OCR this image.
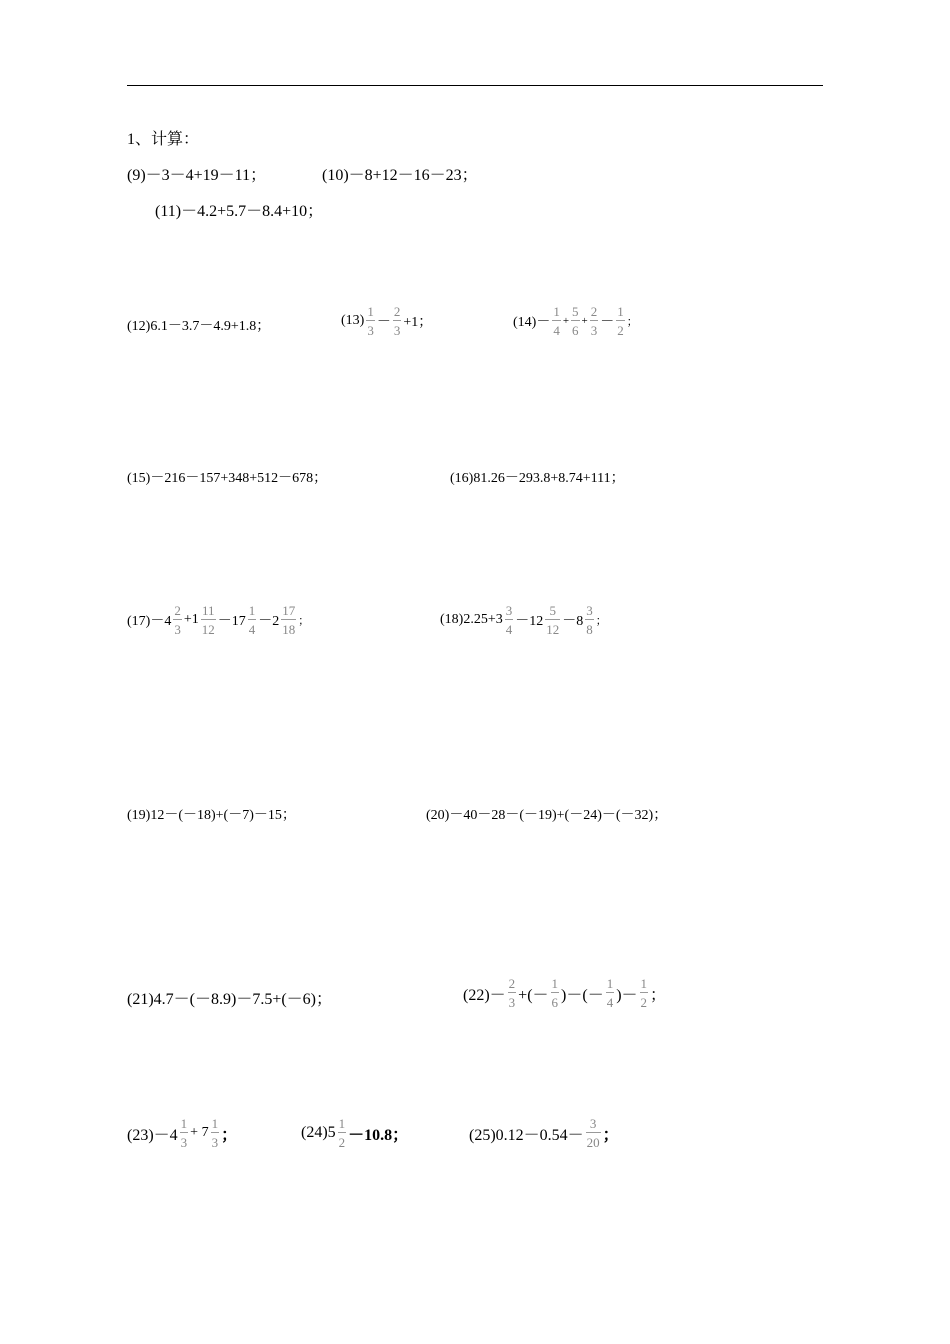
1、计算：
(9)－3－4+19－11；	(10)－8+12－16－23；
(11)－4.2+5.7－8.4+10；
(12)6.1－3.7－4.9+1.8；	$(13) \frac{1}{3} - \frac{2}{3} +1$；	$(14)- \frac{1}{4} + \frac{5}{6} + \frac{2}{3} - \frac{1}{2}$ ；
(15)－216－157+348+512－678；	(16)81.26－293.8+8.74+111；
$(17)-4 \frac{2}{3} +1 \frac{11}{12} -17 \frac{1}{4} -2 \frac{17}{18}$ ；	$(18)2.25+3 \frac{3}{4} -12 \frac{5}{12} -8 \frac{3}{8}$ ；
(19)12－(－18)+(－7)－15；	(20)－40－28－(－19)+(－24)－(－32)；
(21)4.7－(－8.9)－7.5+(－6)；	$(22)- \frac{2}{3}$ +(－ $\frac{1}{6}$ )－(－ $\frac{1}{4}$ )－ $\frac{1}{2}$ ；
$(23)-4 \frac{1}{3} + 7 \frac{1}{3}$ ；	$(24)5 \frac{1}{2} -10.8$；	$(25)0.12-0.54- \frac{3}{20}$ ；
